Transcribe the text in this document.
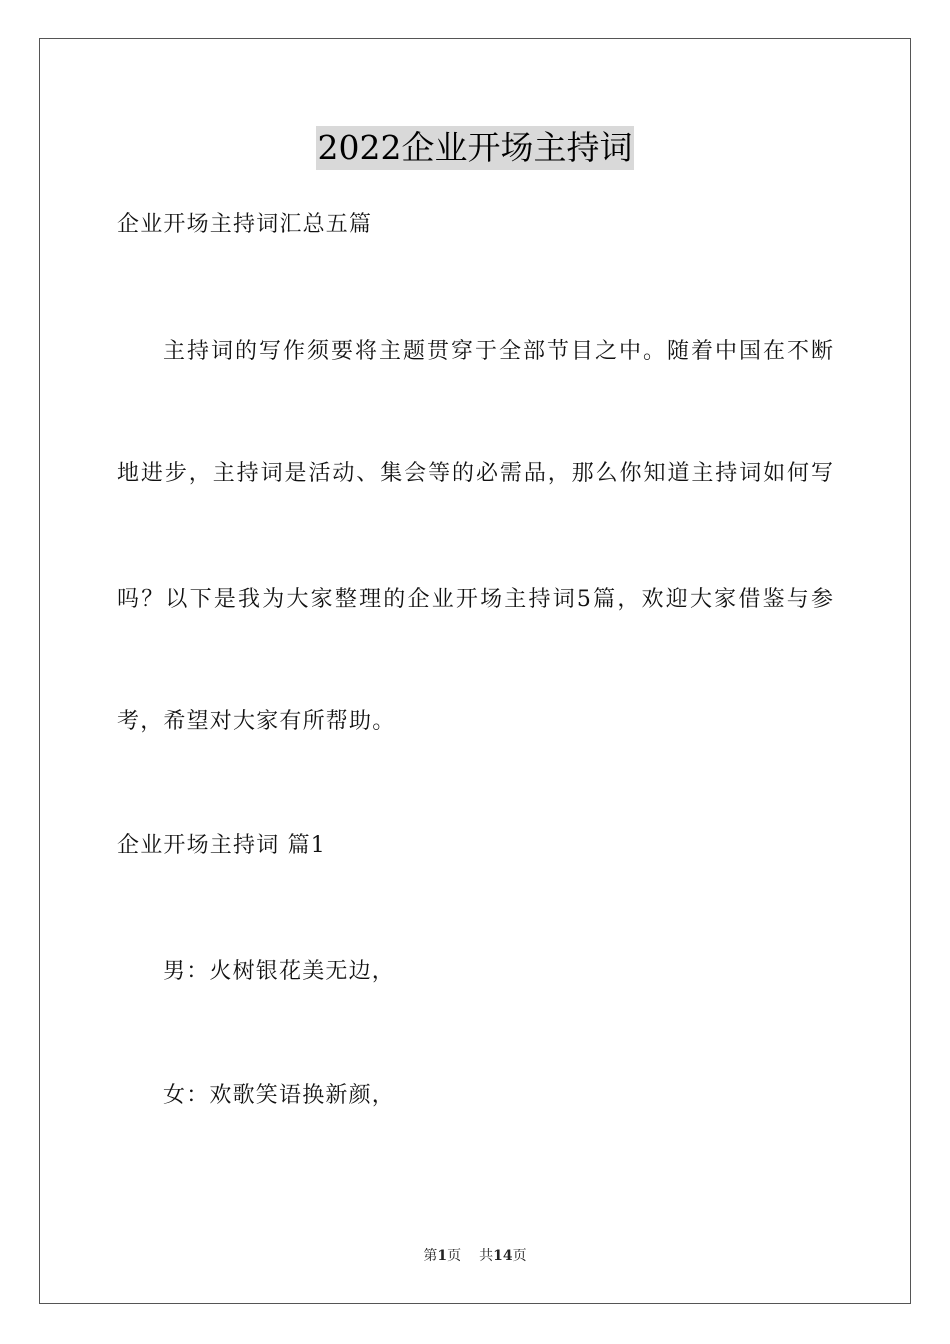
2022企业开场主持词
企业开场主持词汇总五篇
主持词的写作须要将主题贯穿于全部节目之中。随着中国在不断
地进步，主持词是活动、集会等的必需品，那么你知道主持词如何写
吗？以下是我为大家整理的企业开场主持词5篇，欢迎大家借鉴与参
考，希望对大家有所帮助。
企业开场主持词 篇1
男：火树银花美无边，
女：欢歌笑语换新颜，
第1页 共14页
